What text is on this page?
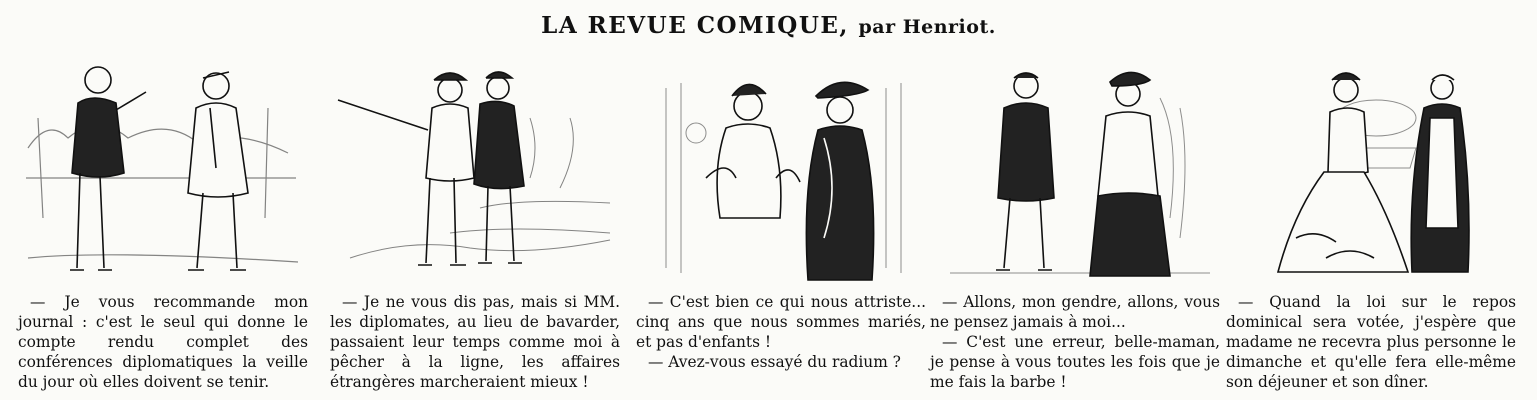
LA REVUE COMIQUE, par Henriot.

— Je vous recommande mon journal : c'est le seul qui donne le compte rendu complet des conférences diplomatiques la veille du jour où elles doivent se tenir.

— Je ne vous dis pas, mais si MM. les diplomates, au lieu de bavarder, passaient leur temps comme moi à pêcher à la ligne, les affaires étrangères marcheraient mieux !

— C'est bien ce qui nous attriste... cinq ans que nous sommes mariés, et pas d'enfants !

— Avez-vous essayé du radium ?

— Allons, mon gendre, allons, vous ne pensez jamais à moi...

— C'est une erreur, belle-maman, je pense à vous toutes les fois que je me fais la barbe !

— Quand la loi sur le repos dominical sera votée, j'espère que madame ne recevra plus personne le dimanche et qu'elle fera elle-même son déjeuner et son dîner.
